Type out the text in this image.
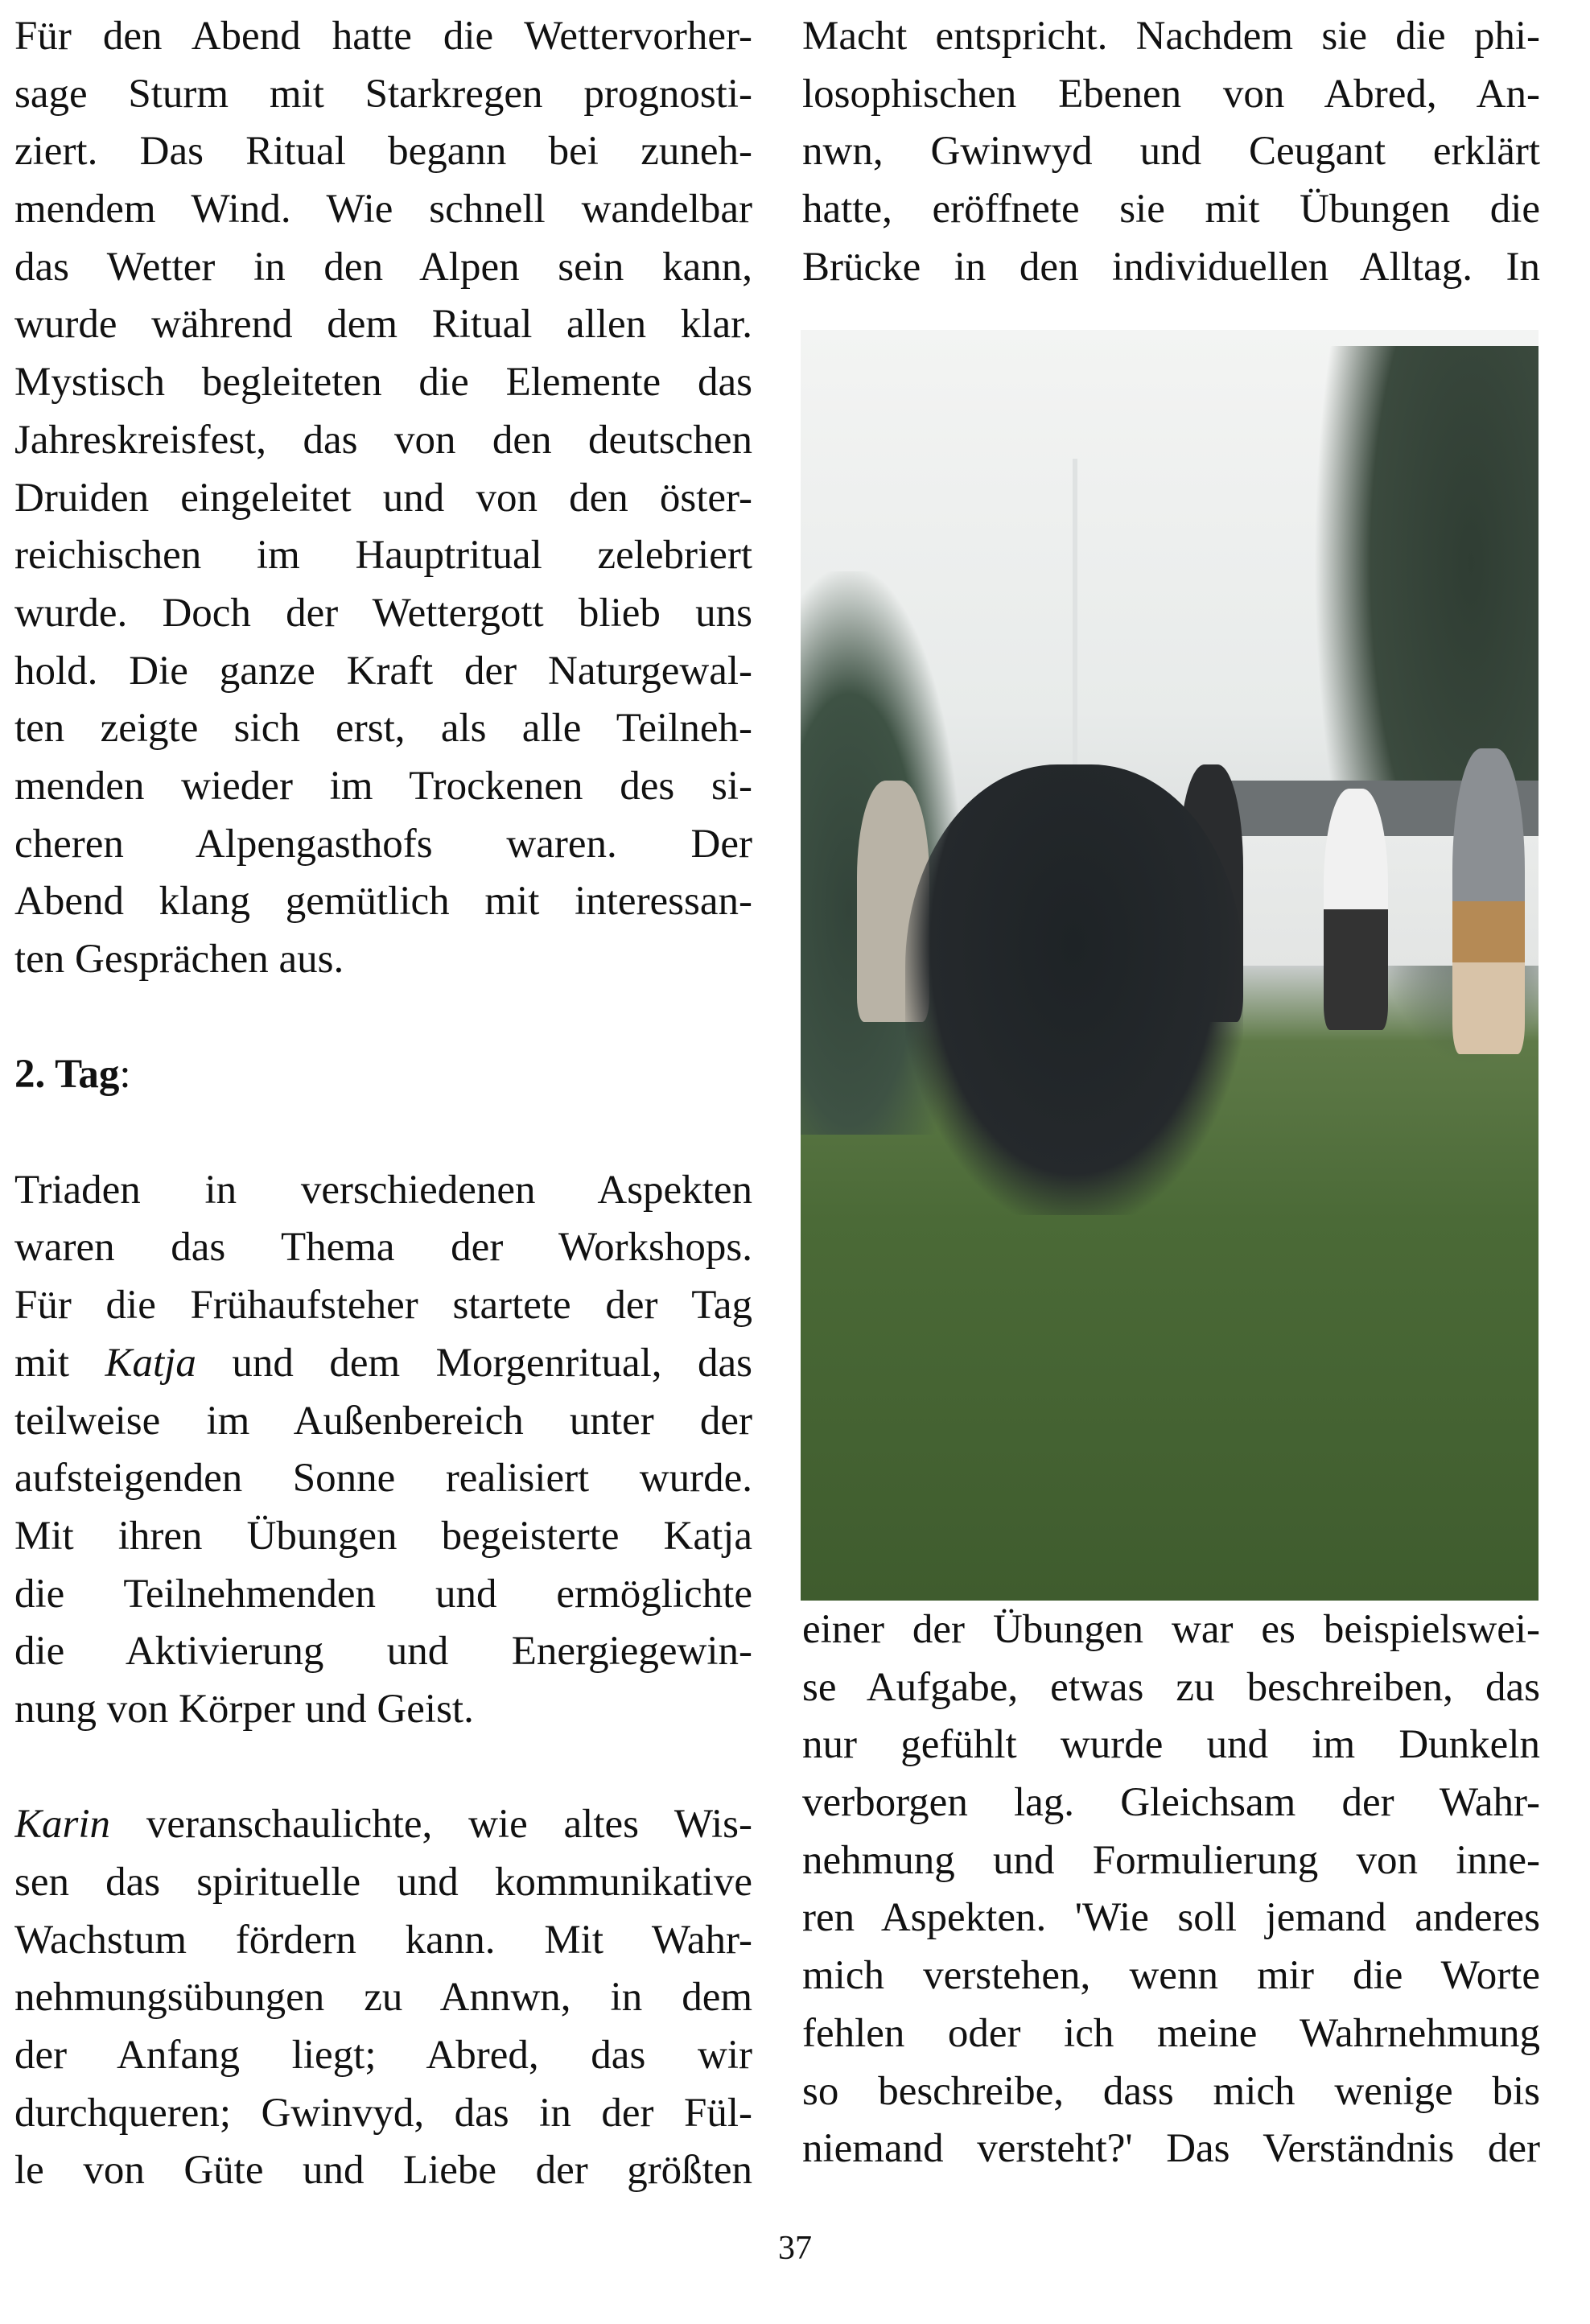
Für den Abend hatte die Wettervorher-
sage Sturm mit Starkregen prognosti-
ziert. Das Ritual begann bei zuneh-
mendem Wind. Wie schnell wandelbar
das Wetter in den Alpen sein kann,
wurde während dem Ritual allen klar.
Mystisch begleiteten die Elemente das
Jahreskreisfest, das von den deutschen
Druiden eingeleitet und von den öster-
reichischen im Hauptritual zelebriert
wurde. Doch der Wettergott blieb uns
hold. Die ganze Kraft der Naturgewal-
ten zeigte sich erst, als alle Teilneh-
menden wieder im Trockenen des si-
cheren Alpengasthofs waren. Der
Abend klang gemütlich mit interessan-
ten Gesprächen aus.
2. Tag:
Triaden in verschiedenen Aspekten
waren das Thema der Workshops.
Für die Frühaufsteher startete der Tag
mit Katja und dem Morgenritual, das
teilweise im Außenbereich unter der
aufsteigenden Sonne realisiert wurde.
Mit ihren Übungen begeisterte Katja
die Teilnehmenden und ermöglichte
die Aktivierung und Energiegewin-
nung von Körper und Geist.
Karin veranschaulichte, wie altes Wis-
sen das spirituelle und kommunikative
Wachstum fördern kann. Mit Wahr-
nehmungsübungen zu Annwn, in dem
der Anfang liegt; Abred, das wir
durchqueren; Gwinvyd, das in der Fül-
le von Güte und Liebe der größten
Macht entspricht. Nachdem sie die phi-
losophischen Ebenen von Abred, An-
nwn, Gwinwyd und Ceugant erklärt
hatte, eröffnete sie mit Übungen die
Brücke in den individuellen Alltag. In
einer der Übungen war es beispielswei-
se Aufgabe, etwas zu beschreiben, das
nur gefühlt wurde und im Dunkeln
verborgen lag. Gleichsam der Wahr-
nehmung und Formulierung von inne-
ren Aspekten. 'Wie soll jemand anderes
mich verstehen, wenn mir die Worte
fehlen oder ich meine Wahrnehmung
so beschreibe, dass mich wenige bis
niemand versteht?' Das Verständnis der
37
